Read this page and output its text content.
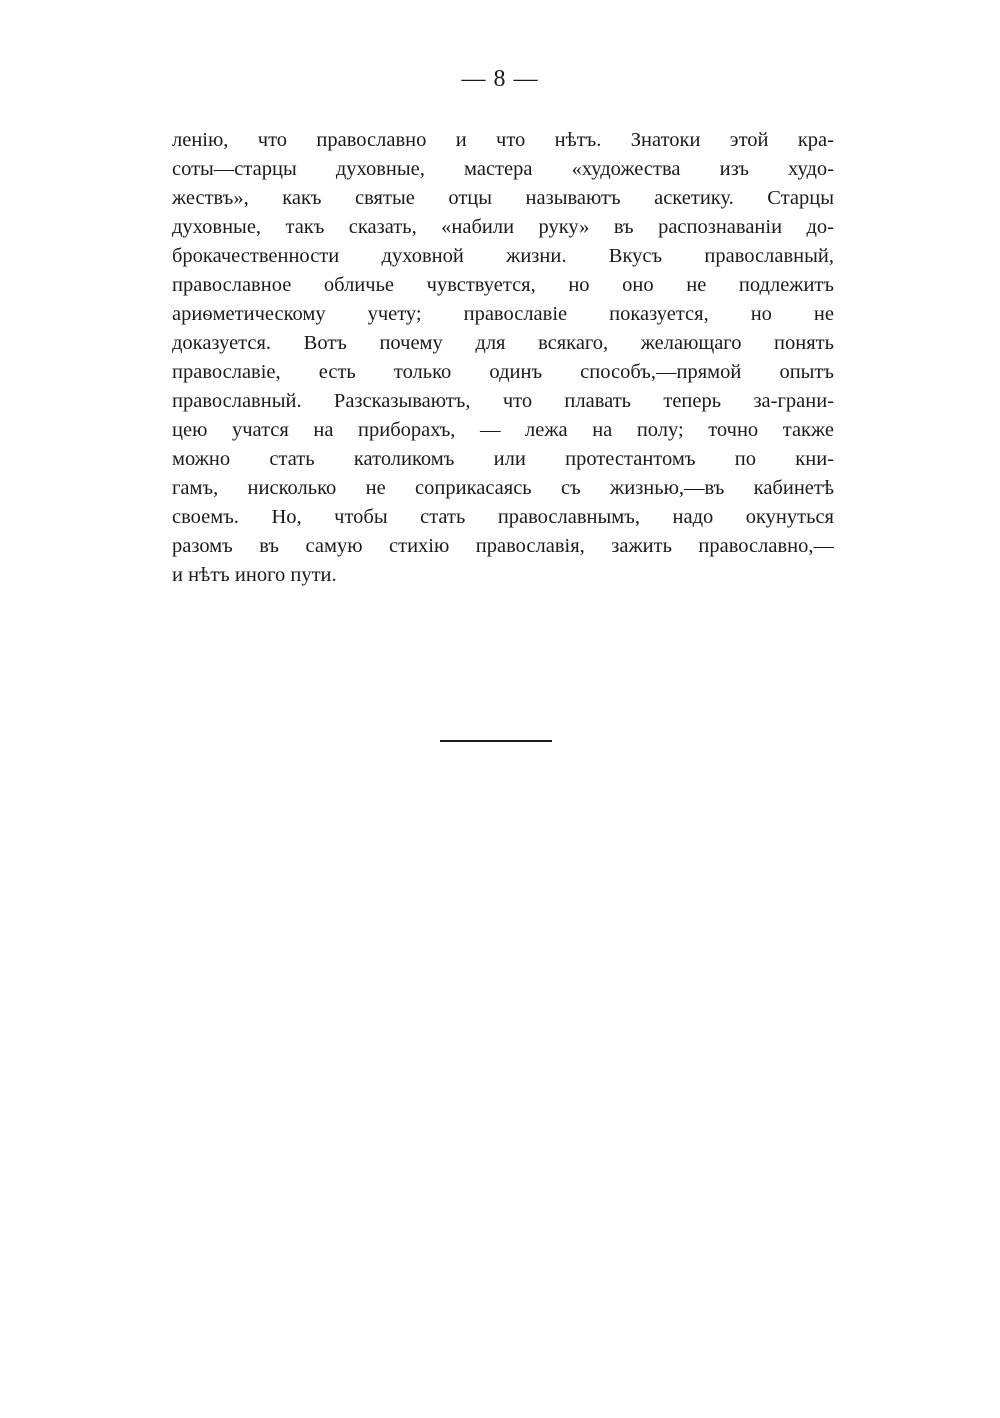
— 8 —
ленію, что православно и что нѣтъ. Знатоки этой кра-
соты—старцы духовные, мастера «художества изъ худо-
жествъ», какъ святые отцы называютъ аскетику. Старцы
духовные, такъ сказать, «набили руку» въ распознаваніи до-
брокачественности духовной жизни. Вкусъ православный,
православное обличье чувствуется, но оно не подлежитъ
ариѳметическому учету; православіе показуется, но не
доказуется. Вотъ почему для всякаго, желающаго понять
православіе, есть только одинъ способъ,—прямой опытъ
православный. Разсказываютъ, что плавать теперь за-грани-
цею учатся на приборахъ, — лежа на полу; точно также
можно стать католикомъ или протестантомъ по кни-
гамъ, нисколько не соприкасаясь съ жизнью,—въ кабинетѣ
своемъ. Но, чтобы стать православнымъ, надо окунуться
разомъ въ самую стихію православія, зажить православно,—
и нѣтъ иного пути.
